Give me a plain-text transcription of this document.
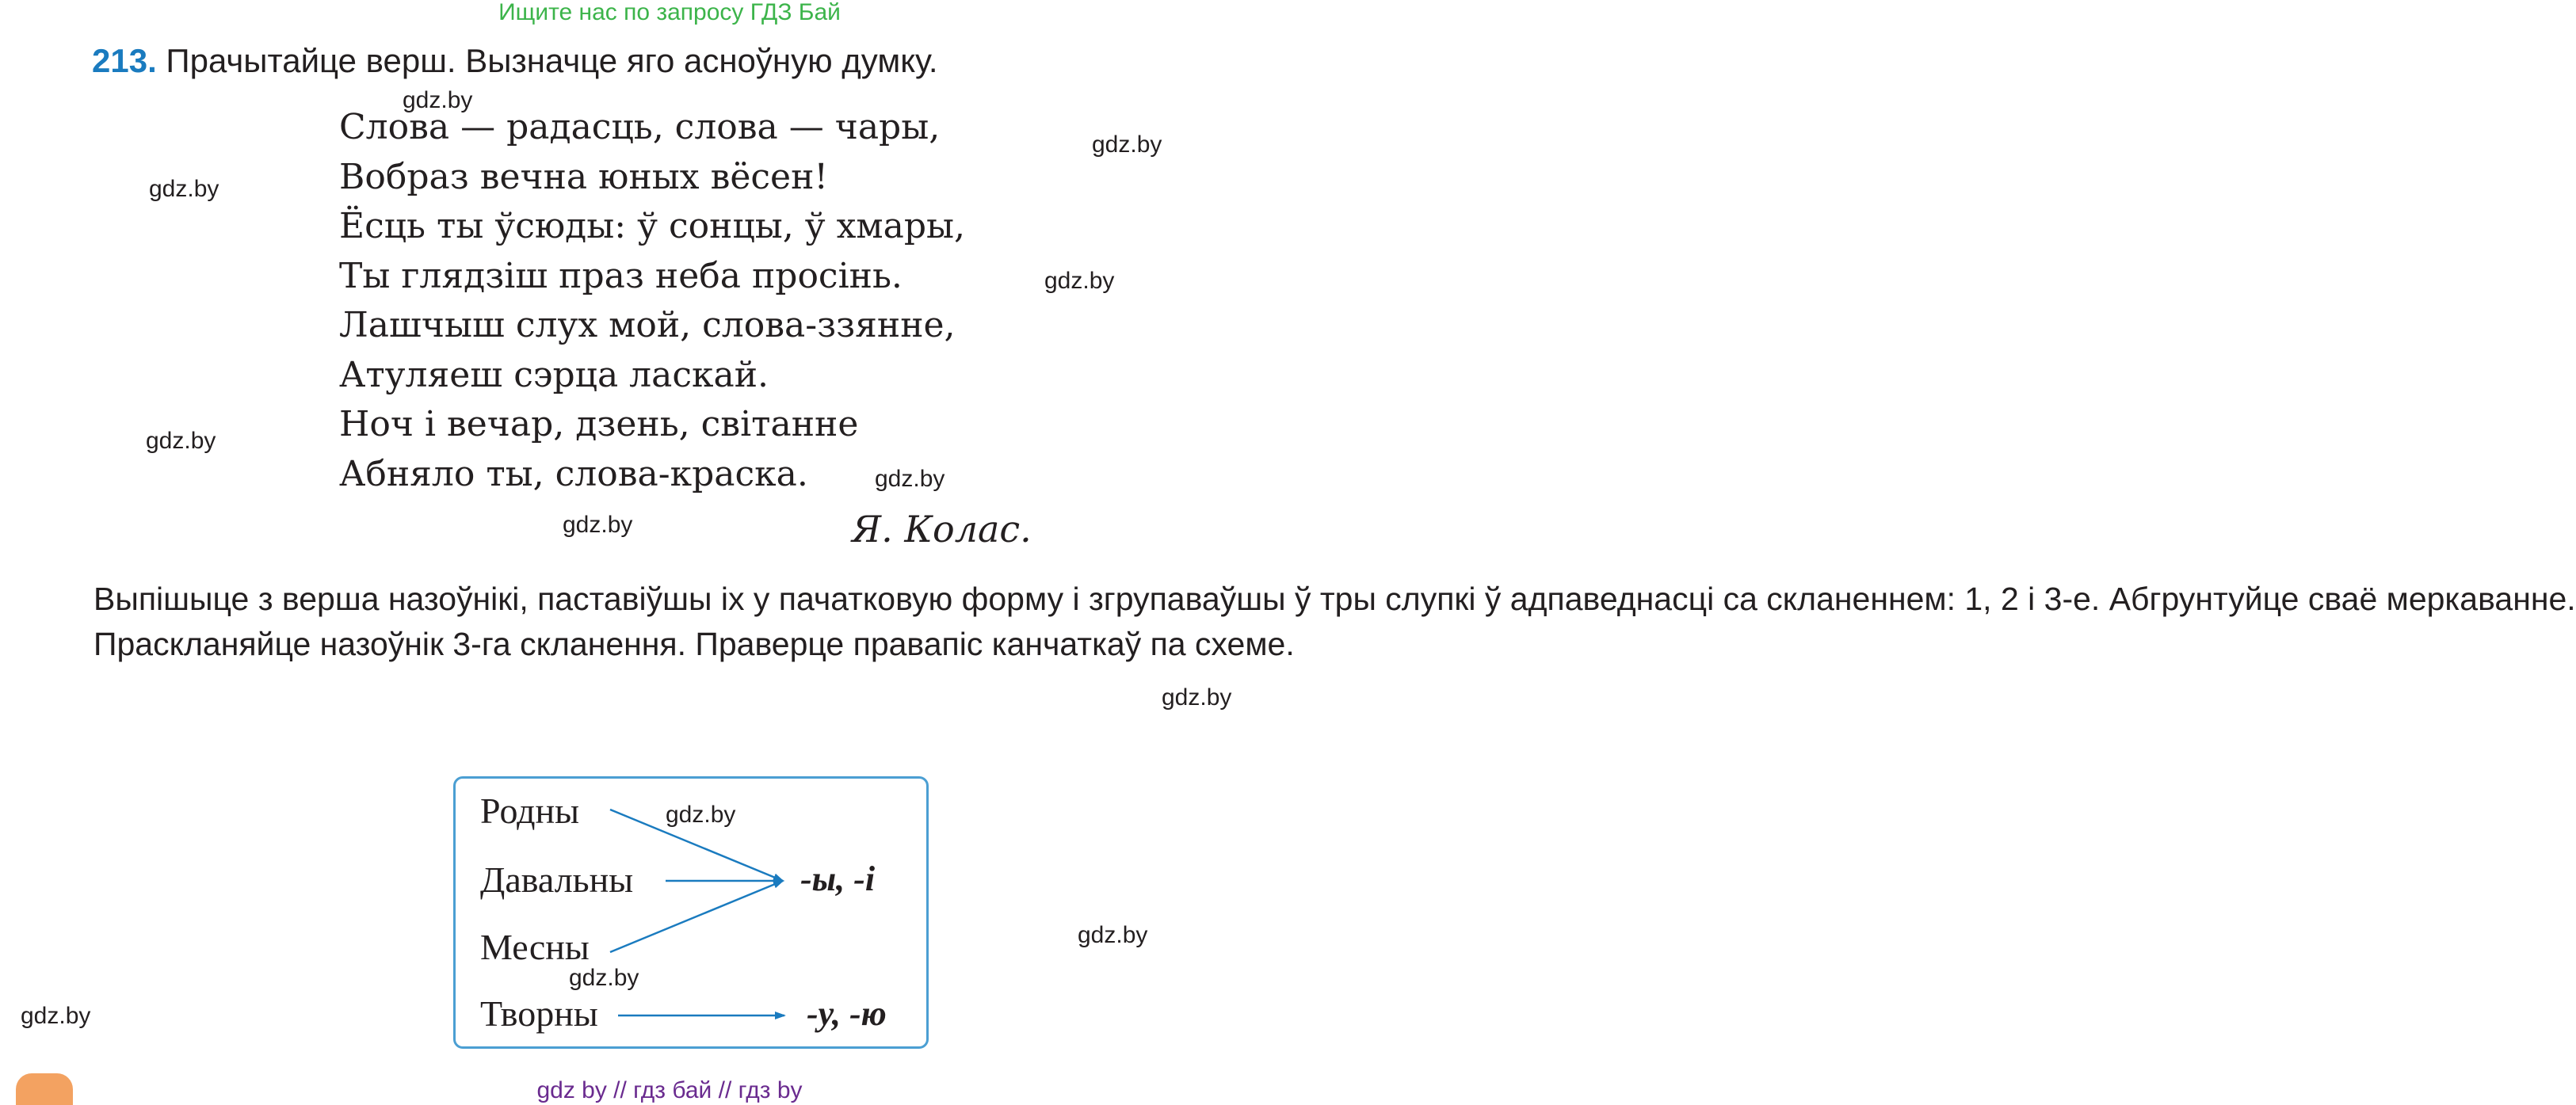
Ищите нас по запросу ГДЗ Бай
213. Прачытайце верш. Вызначце яго асноўную думку.
Слова — радасць, слова — чары,
Вобраз вечна юных вёсен!
Ёсць ты ўсюды: ў сонцы, ў хмары,
Ты глядзіш праз неба просінь.
Лашчыш слух мой, слова-ззянне,
Атуляеш сэрца ласкай.
Ноч і вечар, дзень, світанне
Абняло ты, слова-краска.
Я. Колас.

Выпішыце з верша назоўнікі, паставіўшы іх у пачатковую форму і згрупаваўшы ў тры слупкі ў адпаведнасці са скланеннем: 1, 2 і 3-е. Абгрунтуйце сваё меркаванне.

Праскланяйце назоўнік 3-га скланення. Праверце правапіс канчаткаў па схеме.

Родны
Давальны
Месны
Творны
-ы, -і
-у, -ю
gdz.by
gdz.by
gdz.by
gdz.by
gdz.by
gdz.by
gdz.by
gdz.by
gdz.by
gdz.by
gdz.by
gdz.by
gdz by // гдз бай // гдз by
